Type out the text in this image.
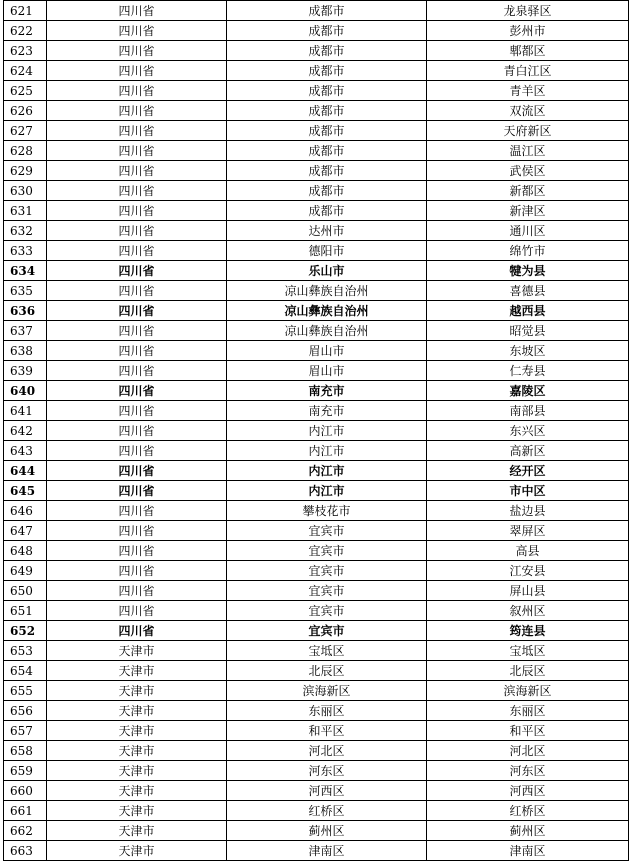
621	四川省	成都市	龙泉驿区
622	四川省	成都市	彭州市
623	四川省	成都市	郫都区
624	四川省	成都市	青白江区
625	四川省	成都市	青羊区
626	四川省	成都市	双流区
627	四川省	成都市	天府新区
628	四川省	成都市	温江区
629	四川省	成都市	武侯区
630	四川省	成都市	新都区
631	四川省	成都市	新津区
632	四川省	达州市	通川区
633	四川省	德阳市	绵竹市
634	四川省	乐山市	犍为县
635	四川省	凉山彝族自治州	喜德县
636	四川省	凉山彝族自治州	越西县
637	四川省	凉山彝族自治州	昭觉县
638	四川省	眉山市	东坡区
639	四川省	眉山市	仁寿县
640	四川省	南充市	嘉陵区
641	四川省	南充市	南部县
642	四川省	内江市	东兴区
643	四川省	内江市	高新区
644	四川省	内江市	经开区
645	四川省	内江市	市中区
646	四川省	攀枝花市	盐边县
647	四川省	宜宾市	翠屏区
648	四川省	宜宾市	高县
649	四川省	宜宾市	江安县
650	四川省	宜宾市	屏山县
651	四川省	宜宾市	叙州区
652	四川省	宜宾市	筠连县
653	天津市	宝坻区	宝坻区
654	天津市	北辰区	北辰区
655	天津市	滨海新区	滨海新区
656	天津市	东丽区	东丽区
657	天津市	和平区	和平区
658	天津市	河北区	河北区
659	天津市	河东区	河东区
660	天津市	河西区	河西区
661	天津市	红桥区	红桥区
662	天津市	蓟州区	蓟州区
663	天津市	津南区	津南区
